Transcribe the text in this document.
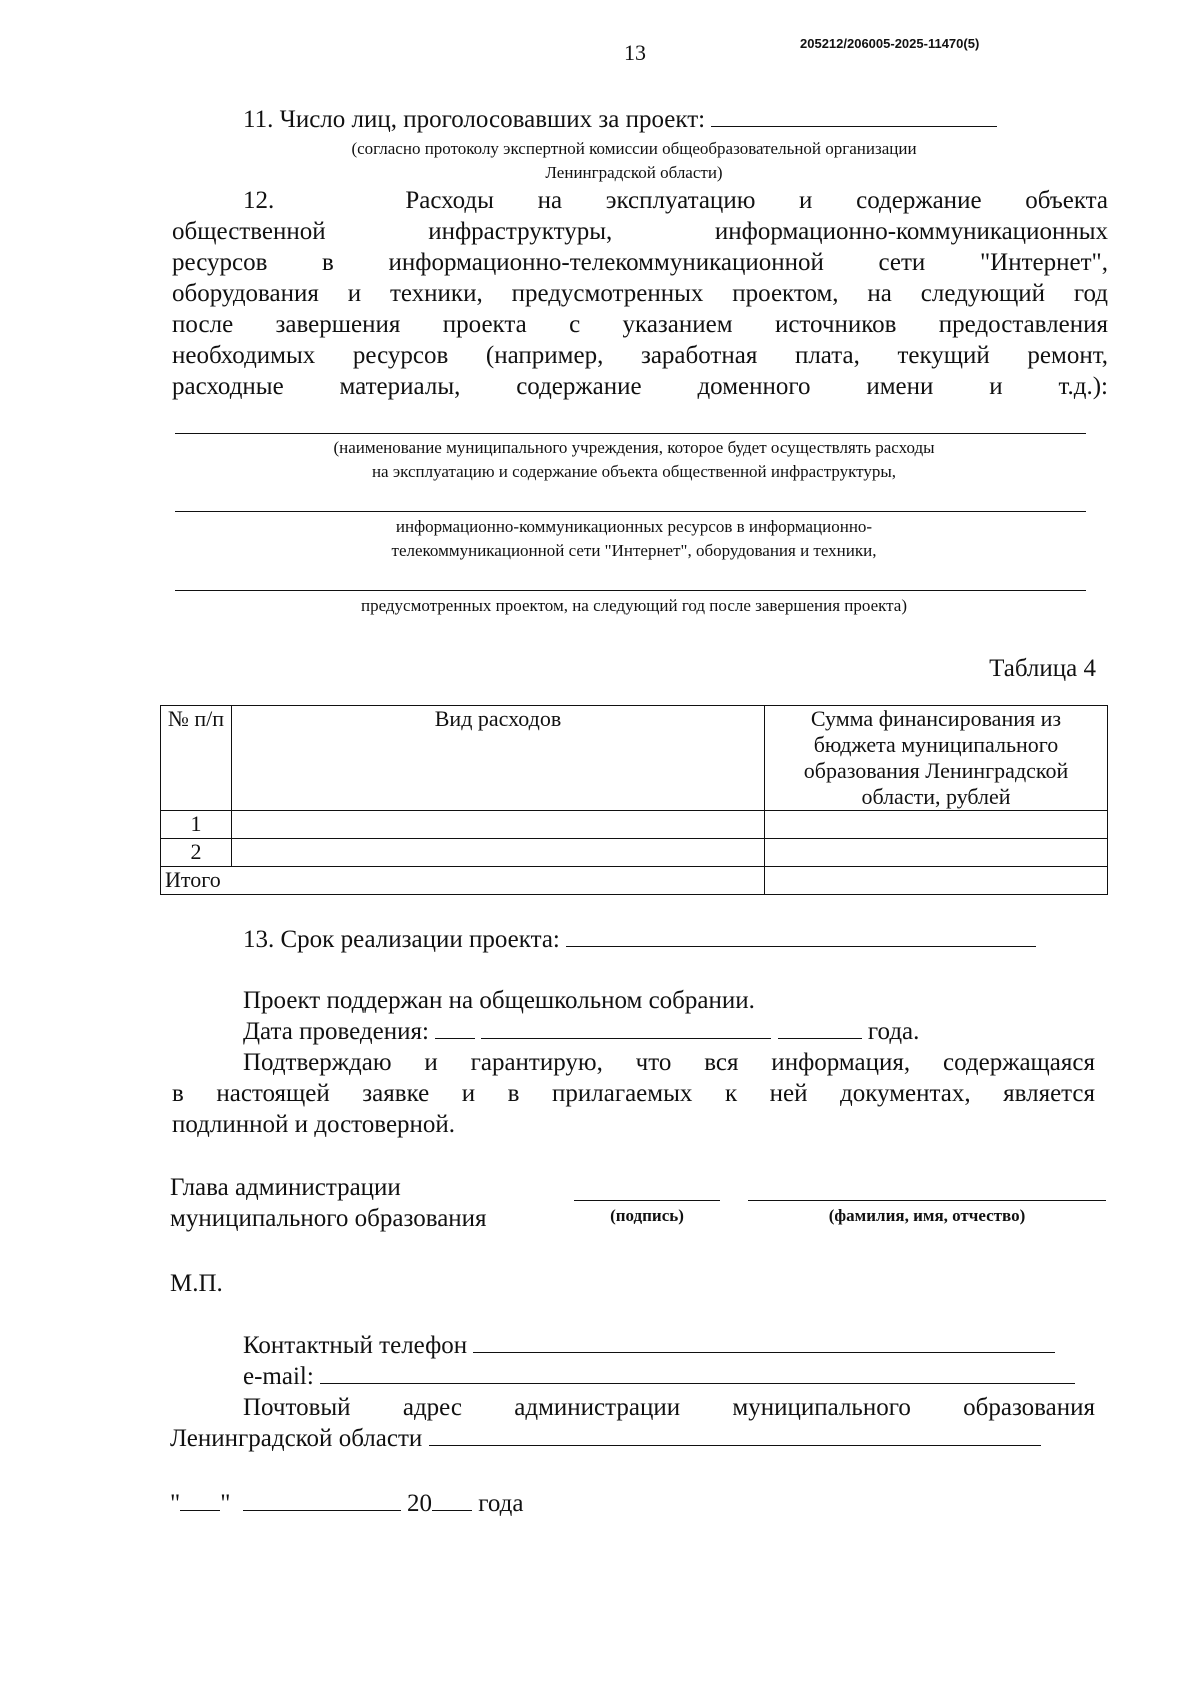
13	205212/206005-2025-11470(5)
11. Число лиц, проголосовавших за проект:
(согласно протоколу экспертной комиссии общеобразовательной организации
Ленинградской области)
12.   Расходы на эксплуатацию и содержание объекта
общественной инфраструктуры, информационно-коммуникационных
ресурсов в информационно-телекоммуникационной сети "Интернет",
оборудования и техники, предусмотренных проектом, на следующий год
после завершения проекта с указанием источников предоставления
необходимых ресурсов (например, заработная плата, текущий ремонт,
расходные материалы, содержание доменного имени и т.д.):
(наименование муниципального учреждения, которое будет осуществлять расходы
на эксплуатацию и содержание объекта общественной инфраструктуры,
информационно-коммуникационных ресурсов в информационно-
телекоммуникационной сети "Интернет", оборудования и техники,
предусмотренных проектом, на следующий год после завершения проекта)
Таблица 4
№ п/п	Вид расходов	Сумма финансирования из бюджета муниципального образования Ленинградской области, рублей
1		
2		
Итого		
13. Срок реализации проекта:
Проект поддержан на общешкольном собрании.
Дата проведения:	года.
Подтверждаю и гарантирую, что вся информация, содержащаяся
в настоящей заявке и в прилагаемых к ней документах, является
подлинной и достоверной.
Глава администрации
муниципального образования	(подпись)	(фамилия, имя, отчество)
М.П.
Контактный телефон
e-mail:
Почтовый адрес администрации муниципального образования
Ленинградской области
" "	20 года
